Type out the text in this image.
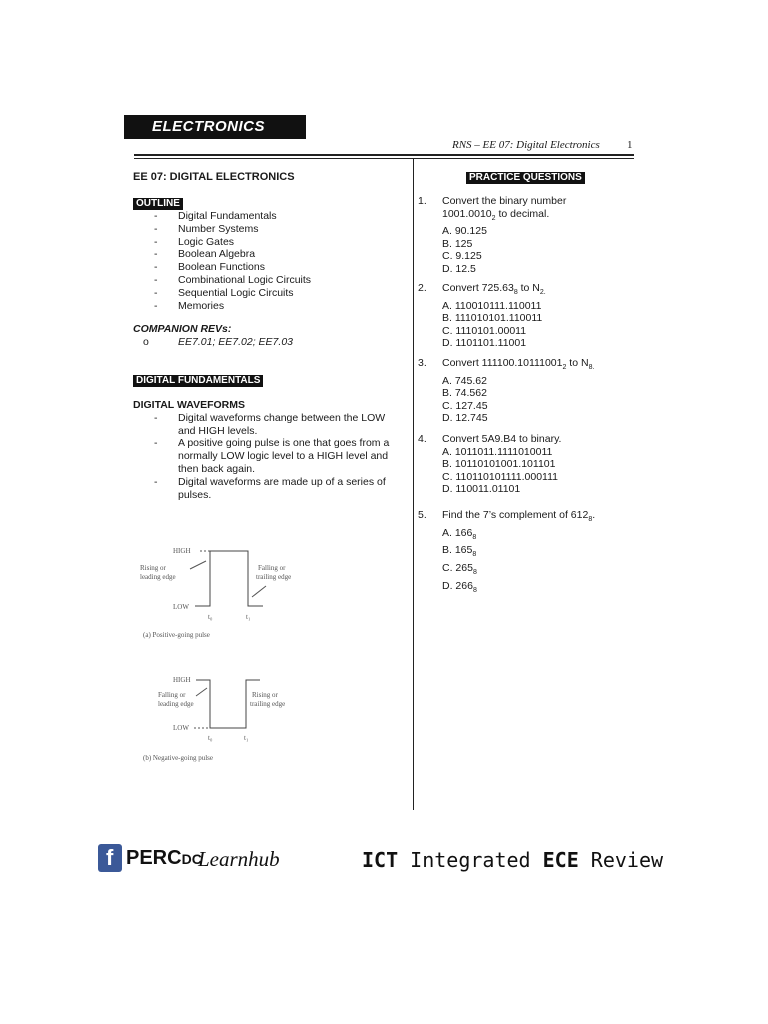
ELECTRONICS
RNS – EE 07: Digital Electronics 1
EE 07: DIGITAL ELECTRONICS
OUTLINE
- Digital Fundamentals
- Number Systems
- Logic Gates
- Boolean Algebra
- Boolean Functions
- Combinational Logic Circuits
- Sequential Logic Circuits
- Memories
COMPANION REVs:
o	EE7.01; EE7.02; EE7.03
DIGITAL FUNDAMENTALS
DIGITAL WAVEFORMS
- Digital waveforms change between the LOW and HIGH levels.
- A positive going pulse is one that goes from a normally LOW logic level to a HIGH level and then back again.
- Digital waveforms are made up of a series of pulses.
HIGH
LOW
Rising or
leading edge
Falling or
trailing edge
t₀	t₁
(a) Positive-going pulse
HIGH
LOW
Falling or
leading edge
Rising or
trailing edge
t₀	t₁
(b) Negative-going pulse
PRACTICE QUESTIONS
1.	Convert the binary number $1001.0010_2$ to decimal.
A. 90.125
B. 125
C. 9.125
D. 12.5
2. Convert $725.63_8$ to $N_{2.}$
A. 110010111.110011
B. 111010101.110011
C. 1110101.00011
D. 1101101.11001
3. Convert $111100.10111001_2$ to $N_{8.}$
A. 745.62
B. 74.562
C. 127.45
D. 12.745
4. Convert 5A9.B4 to binary.
A. 1011011.1111010011
B. 10110101001.101101
C. 110110101111.000111
D. 110011.01101
5. Find the 7’s complement of $612_8$.
A. $166_8$
B. $165_8$
C. $265_8$
D. $266_8$
f PERCDC
Learnhub	ICT Integrated ECE Review
